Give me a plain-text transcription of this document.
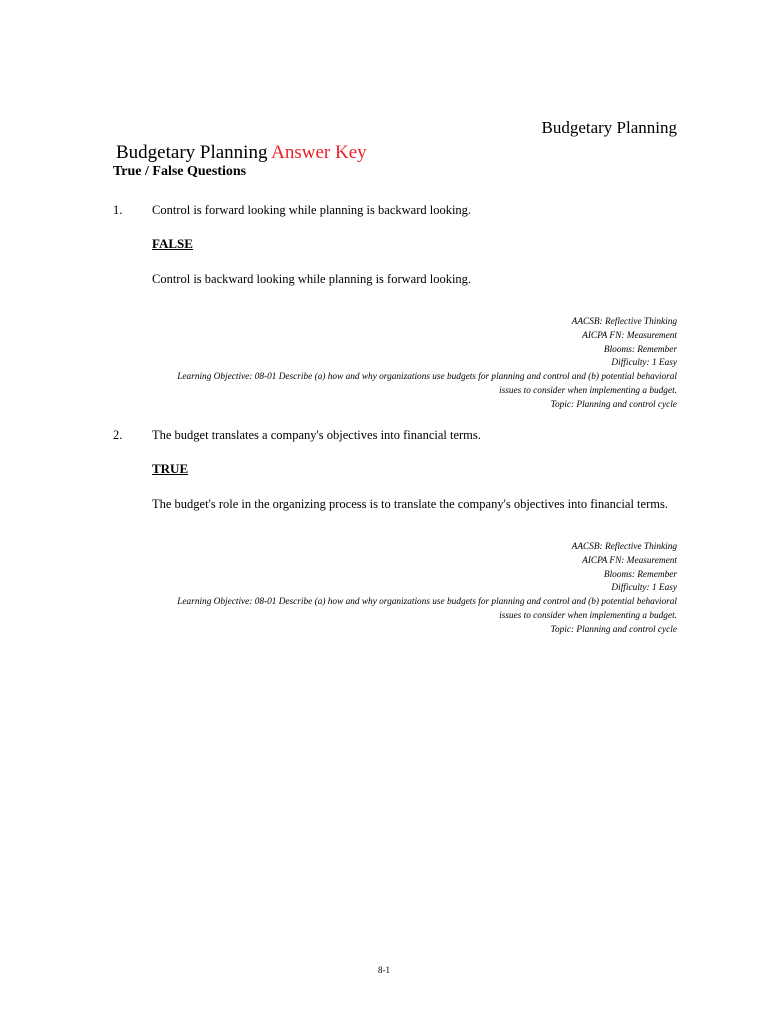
Budgetary Planning
Budgetary Planning Answer Key
True / False Questions
1. Control is forward looking while planning is backward looking.
FALSE
Control is backward looking while planning is forward looking.
AACSB: Reflective Thinking
AICPA FN: Measurement
Blooms: Remember
Difficulty: 1 Easy
Learning Objective: 08-01 Describe (a) how and why organizations use budgets for planning and control and (b) potential behavioral
issues to consider when implementing a budget.
Topic: Planning and control cycle
2. The budget translates a company's objectives into financial terms.
TRUE
The budget's role in the organizing process is to translate the company's objectives into financial terms.
AACSB: Reflective Thinking
AICPA FN: Measurement
Blooms: Remember
Difficulty: 1 Easy
Learning Objective: 08-01 Describe (a) how and why organizations use budgets for planning and control and (b) potential behavioral
issues to consider when implementing a budget.
Topic: Planning and control cycle
8-1
